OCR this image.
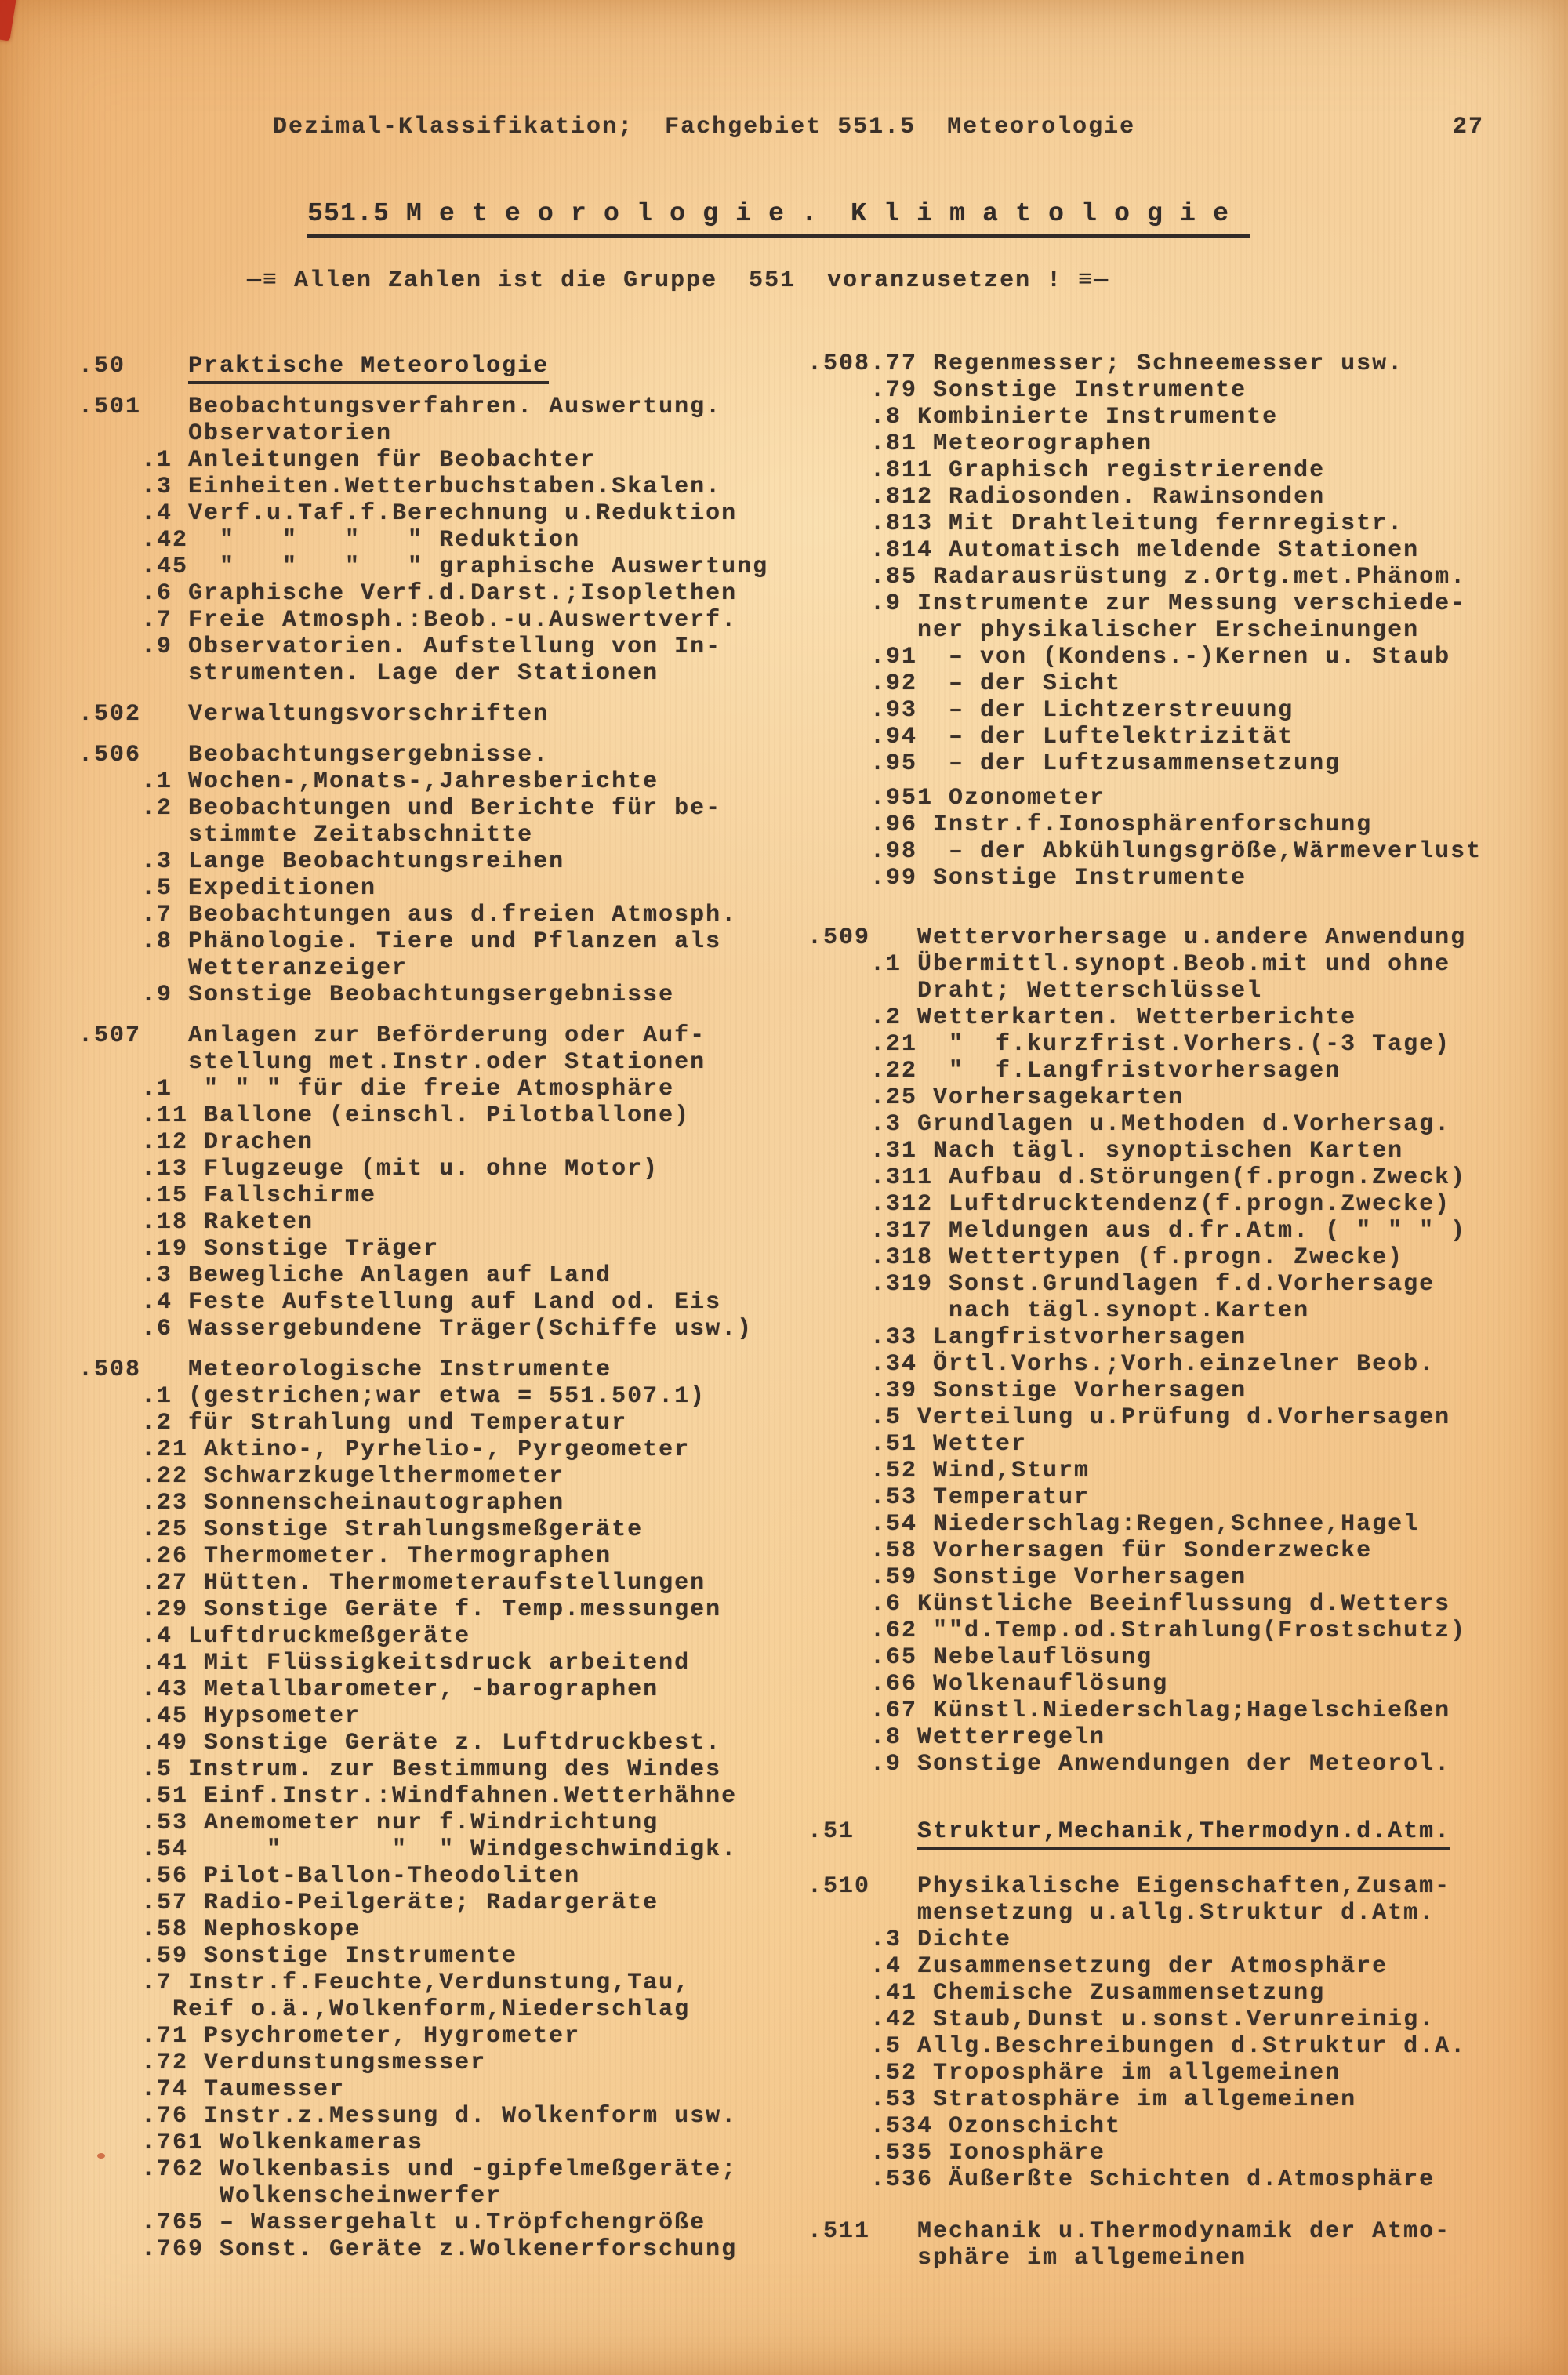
Dezimal-Klassifikation;  Fachgebiet 551.5  Meteorologie	27
551.5 M e t e o r o l o g i e .  K l i m a t o l o g i e
—≡ Allen Zahlen ist die Gruppe  551  voranzusetzen ! ≡—
.50    Praktische Meteorologie
.501   Beobachtungsverfahren. Auswertung.
Observatorien
.1 Anleitungen für Beobachter
.3 Einheiten.Wetterbuchstaben.Skalen.
.4 Verf.u.Taf.f.Berechnung u.Reduktion
.42  "   "   "   " Reduktion
.45  "   "   "   " graphische Auswertung
.6 Graphische Verf.d.Darst.;Isoplethen
.7 Freie Atmosph.:Beob.-u.Auswertverf.
.9 Observatorien. Aufstellung von In-
strumenten. Lage der Stationen
.502   Verwaltungsvorschriften
.506   Beobachtungsergebnisse.
.1 Wochen-,Monats-,Jahresberichte
.2 Beobachtungen und Berichte für be-
stimmte Zeitabschnitte
.3 Lange Beobachtungsreihen
.5 Expeditionen
.7 Beobachtungen aus d.freien Atmosph.
.8 Phänologie. Tiere und Pflanzen als
Wetteranzeiger
.9 Sonstige Beobachtungsergebnisse
.507   Anlagen zur Beförderung oder Auf-
stellung met.Instr.oder Stationen
.1  " " " für die freie Atmosphäre
.11 Ballone (einschl. Pilotballone)
.12 Drachen
.13 Flugzeuge (mit u. ohne Motor)
.15 Fallschirme
.18 Raketen
.19 Sonstige Träger
.3 Bewegliche Anlagen auf Land
.4 Feste Aufstellung auf Land od. Eis
.6 Wassergebundene Träger(Schiffe usw.)
.508   Meteorologische Instrumente
.1 (gestrichen;war etwa = 551.507.1)
.2 für Strahlung und Temperatur
.21 Aktino-, Pyrhelio-, Pyrgeometer
.22 Schwarzkugelthermometer
.23 Sonnenscheinautographen
.25 Sonstige Strahlungsmeßgeräte
.26 Thermometer. Thermographen
.27 Hütten. Thermometeraufstellungen
.29 Sonstige Geräte f. Temp.messungen
.4 Luftdruckmeßgeräte
.41 Mit Flüssigkeitsdruck arbeitend
.43 Metallbarometer, -barographen
.45 Hypsometer
.49 Sonstige Geräte z. Luftdruckbest.
.5 Instrum. zur Bestimmung des Windes
.51 Einf.Instr.:Windfahnen.Wetterhähne
.53 Anemometer nur f.Windrichtung
.54     "       "  " Windgeschwindigk.
.56 Pilot-Ballon-Theodoliten
.57 Radio-Peilgeräte; Radargeräte
.58 Nephoskope
.59 Sonstige Instrumente
.7 Instr.f.Feuchte,Verdunstung,Tau,
Reif o.ä.,Wolkenform,Niederschlag
.71 Psychrometer, Hygrometer
.72 Verdunstungsmesser
.74 Taumesser
.76 Instr.z.Messung d. Wolkenform usw.
.761 Wolkenkameras
.762 Wolkenbasis und -gipfelmeßgeräte;
Wolkenscheinwerfer
.765 – Wassergehalt u.Tröpfchengröße
.769 Sonst. Geräte z.Wolkenerforschung
.508.77 Regenmesser; Schneemesser usw.
.79 Sonstige Instrumente
.8 Kombinierte Instrumente
.81 Meteorographen
.811 Graphisch registrierende
.812 Radiosonden. Rawinsonden
.813 Mit Drahtleitung fernregistr.
.814 Automatisch meldende Stationen
.85 Radarausrüstung z.Ortg.met.Phänom.
.9 Instrumente zur Messung verschiede-
ner physikalischer Erscheinungen
.91  – von (Kondens.-)Kernen u. Staub
.92  – der Sicht
.93  – der Lichtzerstreuung
.94  – der Luftelektrizität
.95  – der Luftzusammensetzung
.951 Ozonometer
.96 Instr.f.Ionosphärenforschung
.98  – der Abkühlungsgröße,Wärmeverlust
.99 Sonstige Instrumente
.509   Wettervorhersage u.andere Anwendung
.1 Übermittl.synopt.Beob.mit und ohne
Draht; Wetterschlüssel
.2 Wetterkarten. Wetterberichte
.21  "  f.kurzfrist.Vorhers.(-3 Tage)
.22  "  f.Langfristvorhersagen
.25 Vorhersagekarten
.3 Grundlagen u.Methoden d.Vorhersag.
.31 Nach tägl. synoptischen Karten
.311 Aufbau d.Störungen(f.progn.Zweck)
.312 Luftdrucktendenz(f.progn.Zwecke)
.317 Meldungen aus d.fr.Atm. ( " " " )
.318 Wettertypen (f.progn. Zwecke)
.319 Sonst.Grundlagen f.d.Vorhersage
nach tägl.synopt.Karten
.33 Langfristvorhersagen
.34 Örtl.Vorhs.;Vorh.einzelner Beob.
.39 Sonstige Vorhersagen
.5 Verteilung u.Prüfung d.Vorhersagen
.51 Wetter
.52 Wind,Sturm
.53 Temperatur
.54 Niederschlag:Regen,Schnee,Hagel
.58 Vorhersagen für Sonderzwecke
.59 Sonstige Vorhersagen
.6 Künstliche Beeinflussung d.Wetters
.62 ""d.Temp.od.Strahlung(Frostschutz)
.65 Nebelauflösung
.66 Wolkenauflösung
.67 Künstl.Niederschlag;Hagelschießen
.8 Wetterregeln
.9 Sonstige Anwendungen der Meteorol.
.51    Struktur,Mechanik,Thermodyn.d.Atm.
.510   Physikalische Eigenschaften,Zusam-
mensetzung u.allg.Struktur d.Atm.
.3 Dichte
.4 Zusammensetzung der Atmosphäre
.41 Chemische Zusammensetzung
.42 Staub,Dunst u.sonst.Verunreinig.
.5 Allg.Beschreibungen d.Struktur d.A.
.52 Troposphäre im allgemeinen
.53 Stratosphäre im allgemeinen
.534 Ozonschicht
.535 Ionosphäre
.536 Äußerßte Schichten d.Atmosphäre
.511   Mechanik u.Thermodynamik der Atmo-
sphäre im allgemeinen
